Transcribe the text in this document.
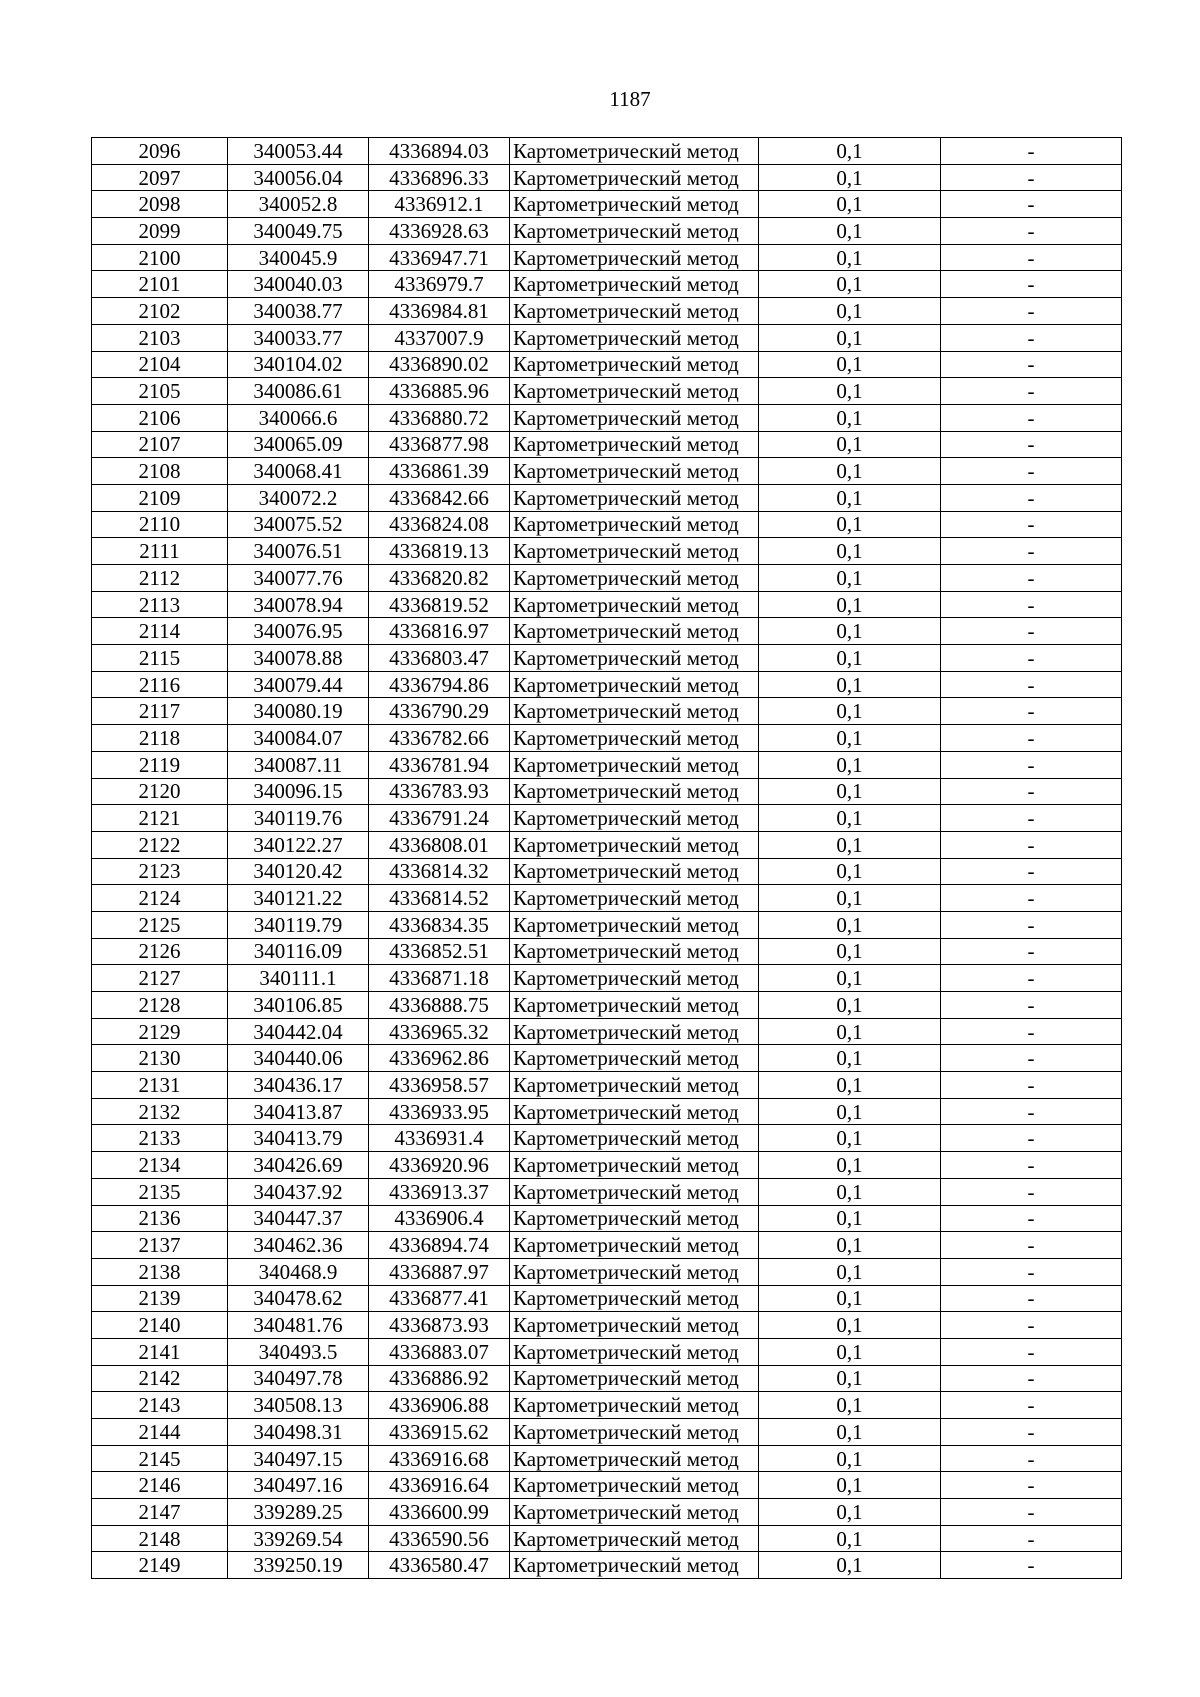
1187
2096	340053.44	4336894.03	Картометрический метод	0,1	-
2097	340056.04	4336896.33	Картометрический метод	0,1	-
2098	340052.8	4336912.1	Картометрический метод	0,1	-
2099	340049.75	4336928.63	Картометрический метод	0,1	-
2100	340045.9	4336947.71	Картометрический метод	0,1	-
2101	340040.03	4336979.7	Картометрический метод	0,1	-
2102	340038.77	4336984.81	Картометрический метод	0,1	-
2103	340033.77	4337007.9	Картометрический метод	0,1	-
2104	340104.02	4336890.02	Картометрический метод	0,1	-
2105	340086.61	4336885.96	Картометрический метод	0,1	-
2106	340066.6	4336880.72	Картометрический метод	0,1	-
2107	340065.09	4336877.98	Картометрический метод	0,1	-
2108	340068.41	4336861.39	Картометрический метод	0,1	-
2109	340072.2	4336842.66	Картометрический метод	0,1	-
2110	340075.52	4336824.08	Картометрический метод	0,1	-
2111	340076.51	4336819.13	Картометрический метод	0,1	-
2112	340077.76	4336820.82	Картометрический метод	0,1	-
2113	340078.94	4336819.52	Картометрический метод	0,1	-
2114	340076.95	4336816.97	Картометрический метод	0,1	-
2115	340078.88	4336803.47	Картометрический метод	0,1	-
2116	340079.44	4336794.86	Картометрический метод	0,1	-
2117	340080.19	4336790.29	Картометрический метод	0,1	-
2118	340084.07	4336782.66	Картометрический метод	0,1	-
2119	340087.11	4336781.94	Картометрический метод	0,1	-
2120	340096.15	4336783.93	Картометрический метод	0,1	-
2121	340119.76	4336791.24	Картометрический метод	0,1	-
2122	340122.27	4336808.01	Картометрический метод	0,1	-
2123	340120.42	4336814.32	Картометрический метод	0,1	-
2124	340121.22	4336814.52	Картометрический метод	0,1	-
2125	340119.79	4336834.35	Картометрический метод	0,1	-
2126	340116.09	4336852.51	Картометрический метод	0,1	-
2127	340111.1	4336871.18	Картометрический метод	0,1	-
2128	340106.85	4336888.75	Картометрический метод	0,1	-
2129	340442.04	4336965.32	Картометрический метод	0,1	-
2130	340440.06	4336962.86	Картометрический метод	0,1	-
2131	340436.17	4336958.57	Картометрический метод	0,1	-
2132	340413.87	4336933.95	Картометрический метод	0,1	-
2133	340413.79	4336931.4	Картометрический метод	0,1	-
2134	340426.69	4336920.96	Картометрический метод	0,1	-
2135	340437.92	4336913.37	Картометрический метод	0,1	-
2136	340447.37	4336906.4	Картометрический метод	0,1	-
2137	340462.36	4336894.74	Картометрический метод	0,1	-
2138	340468.9	4336887.97	Картометрический метод	0,1	-
2139	340478.62	4336877.41	Картометрический метод	0,1	-
2140	340481.76	4336873.93	Картометрический метод	0,1	-
2141	340493.5	4336883.07	Картометрический метод	0,1	-
2142	340497.78	4336886.92	Картометрический метод	0,1	-
2143	340508.13	4336906.88	Картометрический метод	0,1	-
2144	340498.31	4336915.62	Картометрический метод	0,1	-
2145	340497.15	4336916.68	Картометрический метод	0,1	-
2146	340497.16	4336916.64	Картометрический метод	0,1	-
2147	339289.25	4336600.99	Картометрический метод	0,1	-
2148	339269.54	4336590.56	Картометрический метод	0,1	-
2149	339250.19	4336580.47	Картометрический метод	0,1	-
